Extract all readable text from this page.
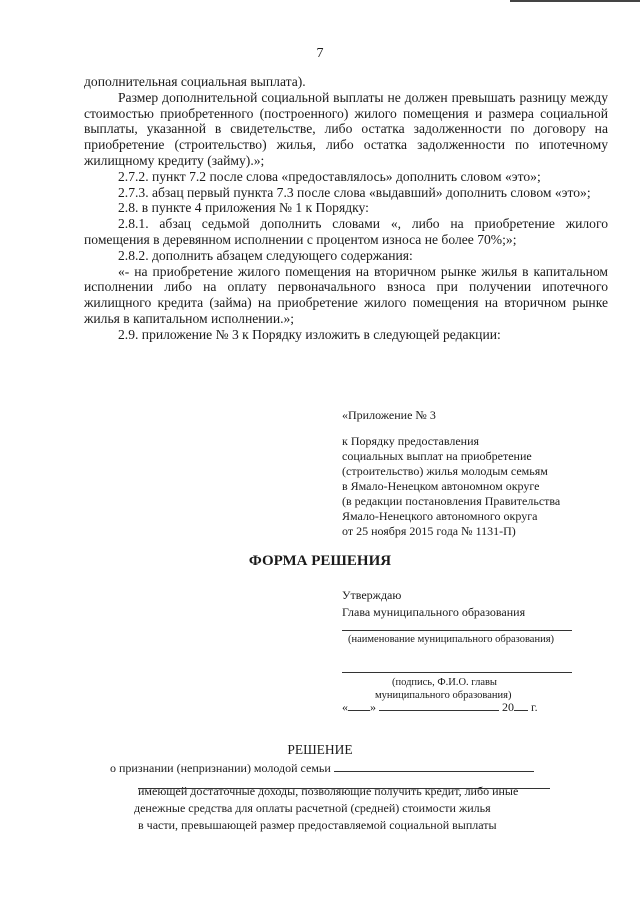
7

дополнительная социальная выплата).

Размер дополнительной социальной выплаты не должен превышать разницу между стоимостью приобретенного (построенного) жилого помещения и размера социальной выплаты, указанной в свидетельстве, либо остатка задолженности по договору на приобретение (строительство) жилья, либо остатка задолженности по ипотечному жилищному кредиту (займу).»;

2.7.2. пункт 7.2 после слова «предоставлялось» дополнить словом «это»;

2.7.3. абзац первый пункта 7.3 после слова «выдавший» дополнить словом «это»;

2.8. в пункте 4 приложения № 1 к Порядку:

2.8.1. абзац седьмой дополнить словами «, либо на приобретение жилого помещения в деревянном исполнении с процентом износа не более 70%;»;

2.8.2. дополнить абзацем следующего содержания:

«- на приобретение жилого помещения на вторичном рынке жилья в капитальном исполнении либо на оплату первоначального взноса при получении ипотечного жилищного кредита (займа) на приобретение жилого помещения на вторичном рынке жилья в капитальном исполнении.»;

2.9. приложение № 3 к Порядку изложить в следующей редакции:

«Приложение № 3

к Порядку предоставления

социальных выплат на приобретение

(строительство) жилья молодым семьям

в Ямало-Ненецком автономном округе

(в редакции постановления Правительства

Ямало-Ненецкого автономного округа

от 25 ноября 2015 года № 1131-П)

ФОРМА РЕШЕНИЯ
Утверждаю
Глава муниципального образования
(наименование муниципального образования)
(подпись, Ф.И.О. главы
муниципального образования)
« »	20 г.
РЕШЕНИЕ
о признании (непризнании) молодой семьи
имеющей достаточные доходы, позволяющие получить кредит, либо иные
денежные средства для оплаты расчетной (средней) стоимости жилья
в части, превышающей размер предоставляемой социальной выплаты
